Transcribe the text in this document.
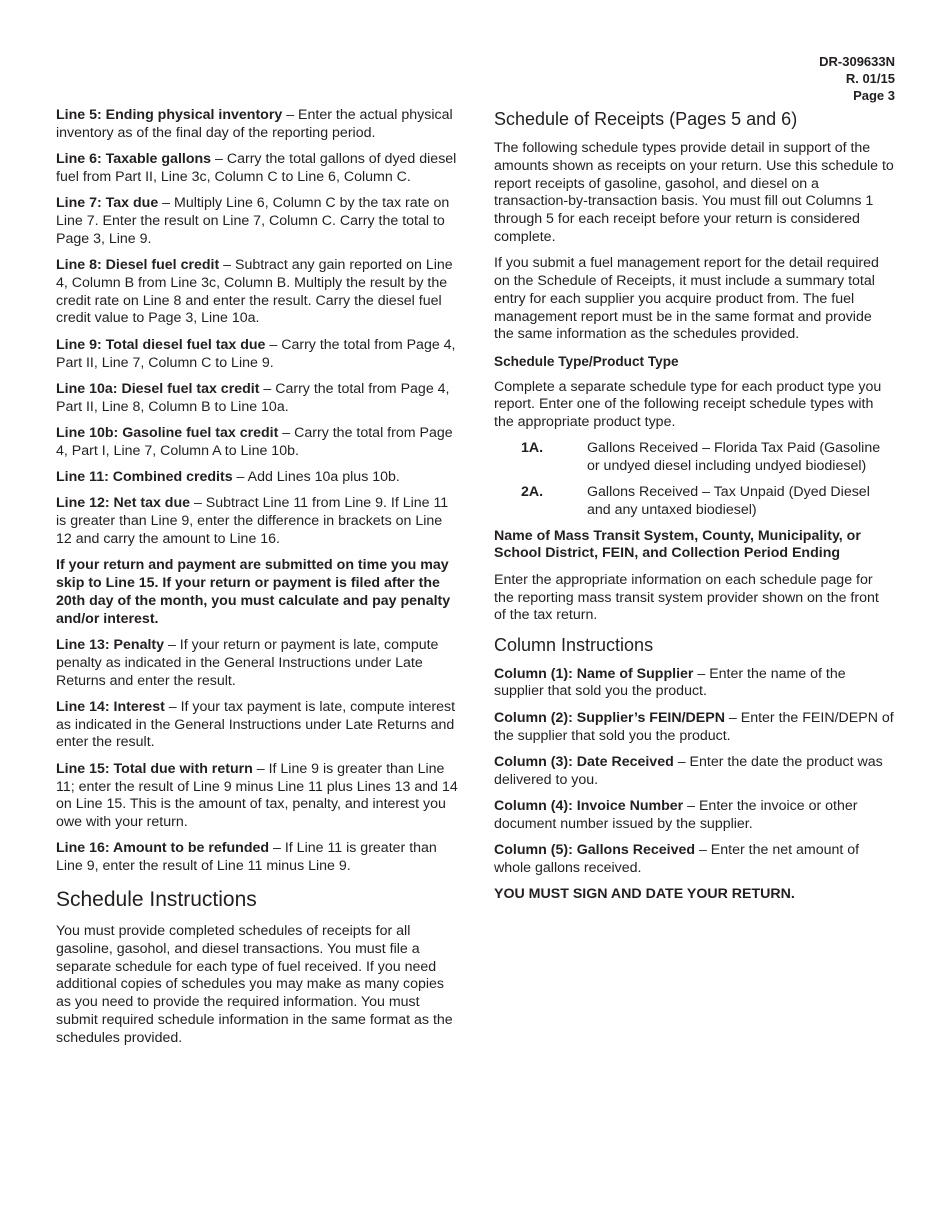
DR-309633N
R. 01/15
Page 3

Line 5: Ending physical inventory – Enter the actual physical inventory as of the final day of the reporting period.

Line 6: Taxable gallons – Carry the total gallons of dyed diesel fuel from Part II, Line 3c, Column C to Line 6, Column C.

Line 7: Tax due – Multiply Line 6, Column C by the tax rate on Line 7. Enter the result on Line 7, Column C. Carry the total to Page 3, Line 9.

Line 8: Diesel fuel credit – Subtract any gain reported on Line 4, Column B from Line 3c, Column B. Multiply the result by the credit rate on Line 8 and enter the result. Carry the diesel fuel credit value to Page 3, Line 10a.

Line 9: Total diesel fuel tax due – Carry the total from Page 4, Part II, Line 7, Column C to Line 9.

Line 10a: Diesel fuel tax credit – Carry the total from Page 4, Part II, Line 8, Column B to Line 10a.

Line 10b: Gasoline fuel tax credit – Carry the total from Page 4, Part I, Line 7, Column A to Line 10b.

Line 11: Combined credits – Add Lines 10a plus 10b.

Line 12: Net tax due – Subtract Line 11 from Line 9. If Line 11 is greater than Line 9, enter the difference in brackets on Line 12 and carry the amount to Line 16.

If your return and payment are submitted on time you may skip to Line 15. If your return or payment is filed after the 20th day of the month, you must calculate and pay penalty and/or interest.

Line 13: Penalty – If your return or payment is late, compute penalty as indicated in the General Instructions under Late Returns and enter the result.

Line 14: Interest – If your tax payment is late, compute interest as indicated in the General Instructions under Late Returns and enter the result.

Line 15: Total due with return – If Line 9 is greater than Line 11; enter the result of Line 9 minus Line 11 plus Lines 13 and 14 on Line 15. This is the amount of tax, penalty, and interest you owe with your return.

Line 16: Amount to be refunded – If Line 11 is greater than Line 9, enter the result of Line 11 minus Line 9.

Schedule Instructions

You must provide completed schedules of receipts for all gasoline, gasohol, and diesel transactions. You must file a separate schedule for each type of fuel received. If you need additional copies of schedules you may make as many copies as you need to provide the required information. You must submit required schedule information in the same format as the schedules provided.

Schedule of Receipts (Pages 5 and 6)

The following schedule types provide detail in support of the amounts shown as receipts on your return. Use this schedule to report receipts of gasoline, gasohol, and diesel on a transaction-by-transaction basis. You must fill out Columns 1 through 5 for each receipt before your return is considered complete.

If you submit a fuel management report for the detail required on the Schedule of Receipts, it must include a summary total entry for each supplier you acquire product from. The fuel management report must be in the same format and provide the same information as the schedules provided.

Schedule Type/Product Type

Complete a separate schedule type for each product type you report. Enter one of the following receipt schedule types with the appropriate product type.

1A.	Gallons Received – Florida Tax Paid (Gasoline or undyed diesel including undyed biodiesel)
2A.	Gallons Received – Tax Unpaid (Dyed Diesel and any untaxed biodiesel)

Name of Mass Transit System, County, Municipality, or School District, FEIN, and Collection Period Ending

Enter the appropriate information on each schedule page for the reporting mass transit system provider shown on the front of the tax return.

Column Instructions

Column (1): Name of Supplier – Enter the name of the supplier that sold you the product.

Column (2): Supplier’s FEIN/DEPN – Enter the FEIN/DEPN of the supplier that sold you the product.

Column (3): Date Received – Enter the date the product was delivered to you.

Column (4): Invoice Number – Enter the invoice or other document number issued by the supplier.

Column (5): Gallons Received – Enter the net amount of whole gallons received.

YOU MUST SIGN AND DATE YOUR RETURN.
